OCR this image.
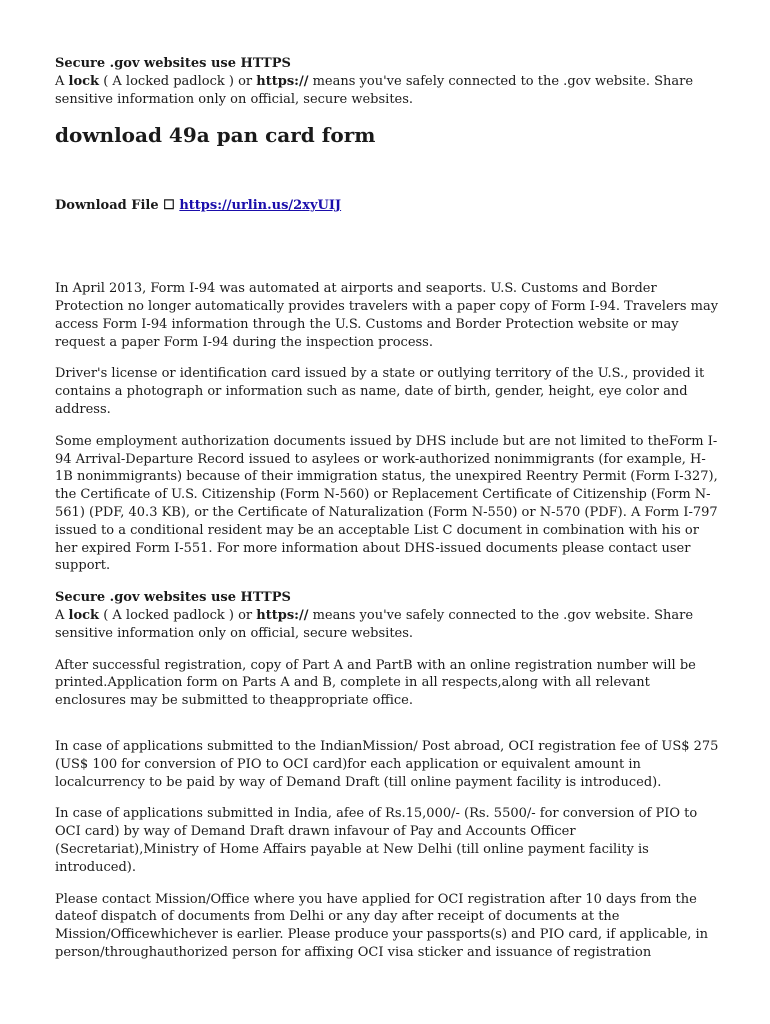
Secure .gov websites use HTTPS
A lock ( A locked padlock ) or https:// means you've safely connected to the .gov website. Share sensitive information only on official, secure websites.
download 49a pan card form
Download File ☐ https://urlin.us/2xyUIJ

In April 2013, Form I-94 was automated at airports and seaports. U.S. Customs and Border Protection no longer automatically provides travelers with a paper copy of Form I-94. Travelers may access Form I-94 information through the U.S. Customs and Border Protection website or may request a paper Form I-94 during the inspection process.

Driver's license or identification card issued by a state or outlying territory of the U.S., provided it contains a photograph or information such as name, date of birth, gender, height, eye color and address.

Some employment authorization documents issued by DHS include but are not limited to theForm I-94 Arrival-Departure Record issued to asylees or work-authorized nonimmigrants (for example, H-1B nonimmigrants) because of their immigration status, the unexpired Reentry Permit (Form I-327), the Certificate of U.S. Citizenship (Form N-560) or Replacement Certificate of Citizenship (Form N-561) (PDF, 40.3 KB), or the Certificate of Naturalization (Form N-550) or N-570 (PDF). A Form I-797 issued to a conditional resident may be an acceptable List C document in combination with his or her expired Form I-551. For more information about DHS-issued documents please contact user support.

Secure .gov websites use HTTPS
A lock ( A locked padlock ) or https:// means you've safely connected to the .gov website. Share sensitive information only on official, secure websites.

After successful registration, copy of Part A and PartB with an online registration number will be printed.Application form on Parts A and B, complete in all respects,along with all relevant enclosures may be submitted to theappropriate office.

In case of applications submitted to the IndianMission/ Post abroad, OCI registration fee of US$ 275 (US$ 100 for conversion of PIO to OCI card)for each application or equivalent amount in localcurrency to be paid by way of Demand Draft (till online payment facility is introduced).

In case of applications submitted in India, afee of Rs.15,000/- (Rs. 5500/- for conversion of PIO to OCI card) by way of Demand Draft drawn infavour of Pay and Accounts Officer (Secretariat),Ministry of Home Affairs payable at New Delhi (till online payment facility is introduced).

Please contact Mission/Office where you have applied for OCI registration after 10 days from the dateof dispatch of documents from Delhi or any day after receipt of documents at the Mission/Officewhichever is earlier. Please produce your passports(s) and PIO card, if applicable, in person/throughauthorized person for affixing OCI visa sticker and issuance of registration
